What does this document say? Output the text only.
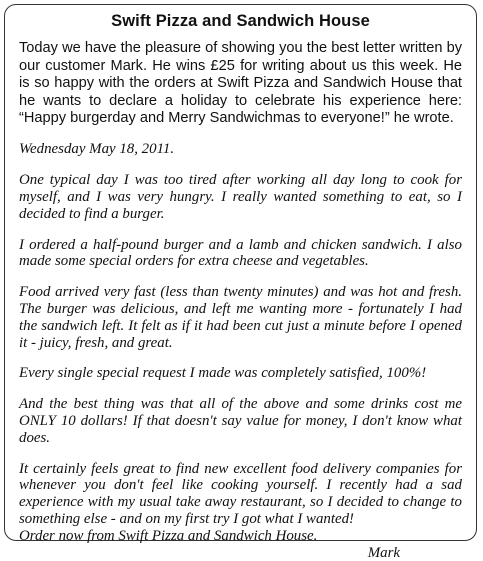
Swift Pizza and Sandwich House
Today we have the pleasure of showing you the best letter written by our customer Mark. He wins £25 for writing about us this week. He is so happy with the orders at Swift Pizza and Sandwich House that he wants to declare a holiday to celebrate his experience here: “Happy burgerday and Merry Sandwichmas to everyone!” he wrote.

Wednesday May 18, 2011.

One typical day I was too tired after working all day long to cook for myself, and I was very hungry. I really wanted something to eat, so I decided to find a burger.

I ordered a half-pound burger and a lamb and chicken sandwich. I also made some special orders for extra cheese and vegetables.

Food arrived very fast (less than twenty minutes) and was hot and fresh. The burger was delicious, and left me wanting more - fortunately I had the sandwich left. It felt as if it had been cut just a minute before I opened it - juicy, fresh, and great.

Every single special request I made was completely satisfied, 100%!

And the best thing was that all of the above and some drinks cost me ONLY 10 dollars! If that doesn't say value for money, I don't know what does.

It certainly feels great to find new excellent food delivery companies for whenever you don't feel like cooking yourself. I recently had a sad experience with my usual take away restaurant, so I decided to change to something else - and on my first try I got what I wanted!

Order now from Swift Pizza and Sandwich House.

Mark
